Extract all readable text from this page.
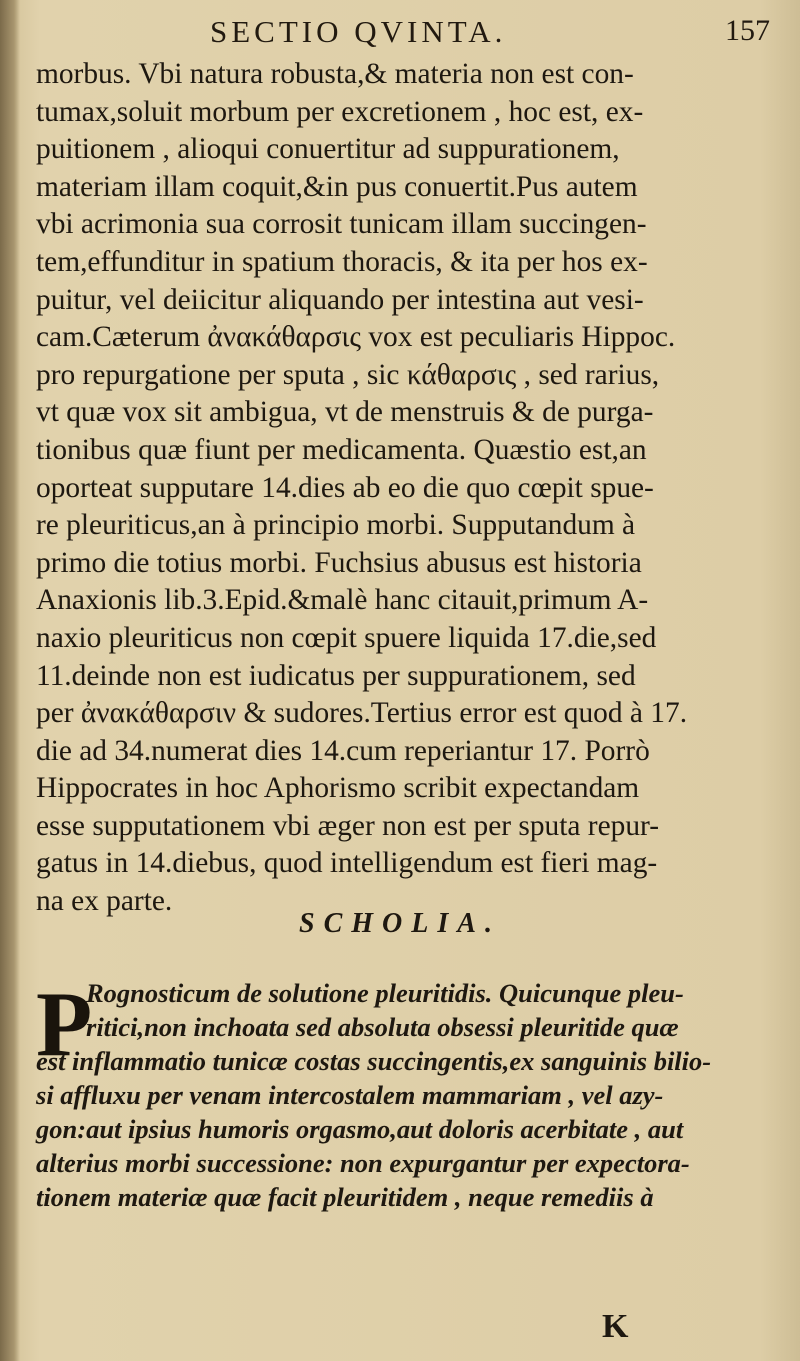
SECTIO QVINTA.	157
morbus. Vbi natura robusta,& materia non est con-
tumax,soluit morbum per excretionem , hoc est, ex-
puitionem , alioqui conuertitur ad suppurationem,
materiam illam coquit,&in pus conuertit.Pus autem
vbi acrimonia sua corrosit tunicam illam succingen-
tem,effunditur in spatium thoracis, & ita per hos ex-
puitur, vel deiicitur aliquando per intestina aut vesi-
cam.Cæterum ἀνακάθαρσις vox est peculiaris Hippoc.
pro repurgatione per sputa , sic κάθαρσις , sed rarius,
vt quæ vox sit ambigua, vt de menstruis & de purga-
tionibus quæ fiunt per medicamenta. Quæstio est,an
oporteat supputare 14.dies ab eo die quo cœpit spue-
re pleuriticus,an à principio morbi. Supputandum à
primo die totius morbi. Fuchsius abusus est historia
Anaxionis lib.3.Epid.&malè hanc citauit,primum A-
naxio pleuriticus non cœpit spuere liquida 17.die,sed
11.deinde non est iudicatus per suppurationem, sed
per ἀνακάθαρσιν & sudores.Tertius error est quod à 17.
die ad 34.numerat dies 14.cum reperiantur 17. Porrò
Hippocrates in hoc Aphorismo scribit expectandam
esse supputationem vbi æger non est per sputa repur-
gatus in 14.diebus, quod intelligendum est fieri mag-
na ex parte.
SCHOLIA.
P
Rognosticum de solutione pleuritidis. Quicunque pleu-
ritici,non inchoata sed absoluta obsessi pleuritide quæ
est inflammatio tunicæ costas succingentis,ex sanguinis bilio-
si affluxu per venam intercostalem mammariam , vel azy-
gon:aut ipsius humoris orgasmo,aut doloris acerbitate , aut
alterius morbi successione: non expurgantur per expectora-
tionem materiæ quæ facit pleuritidem , neque remediis à
K
